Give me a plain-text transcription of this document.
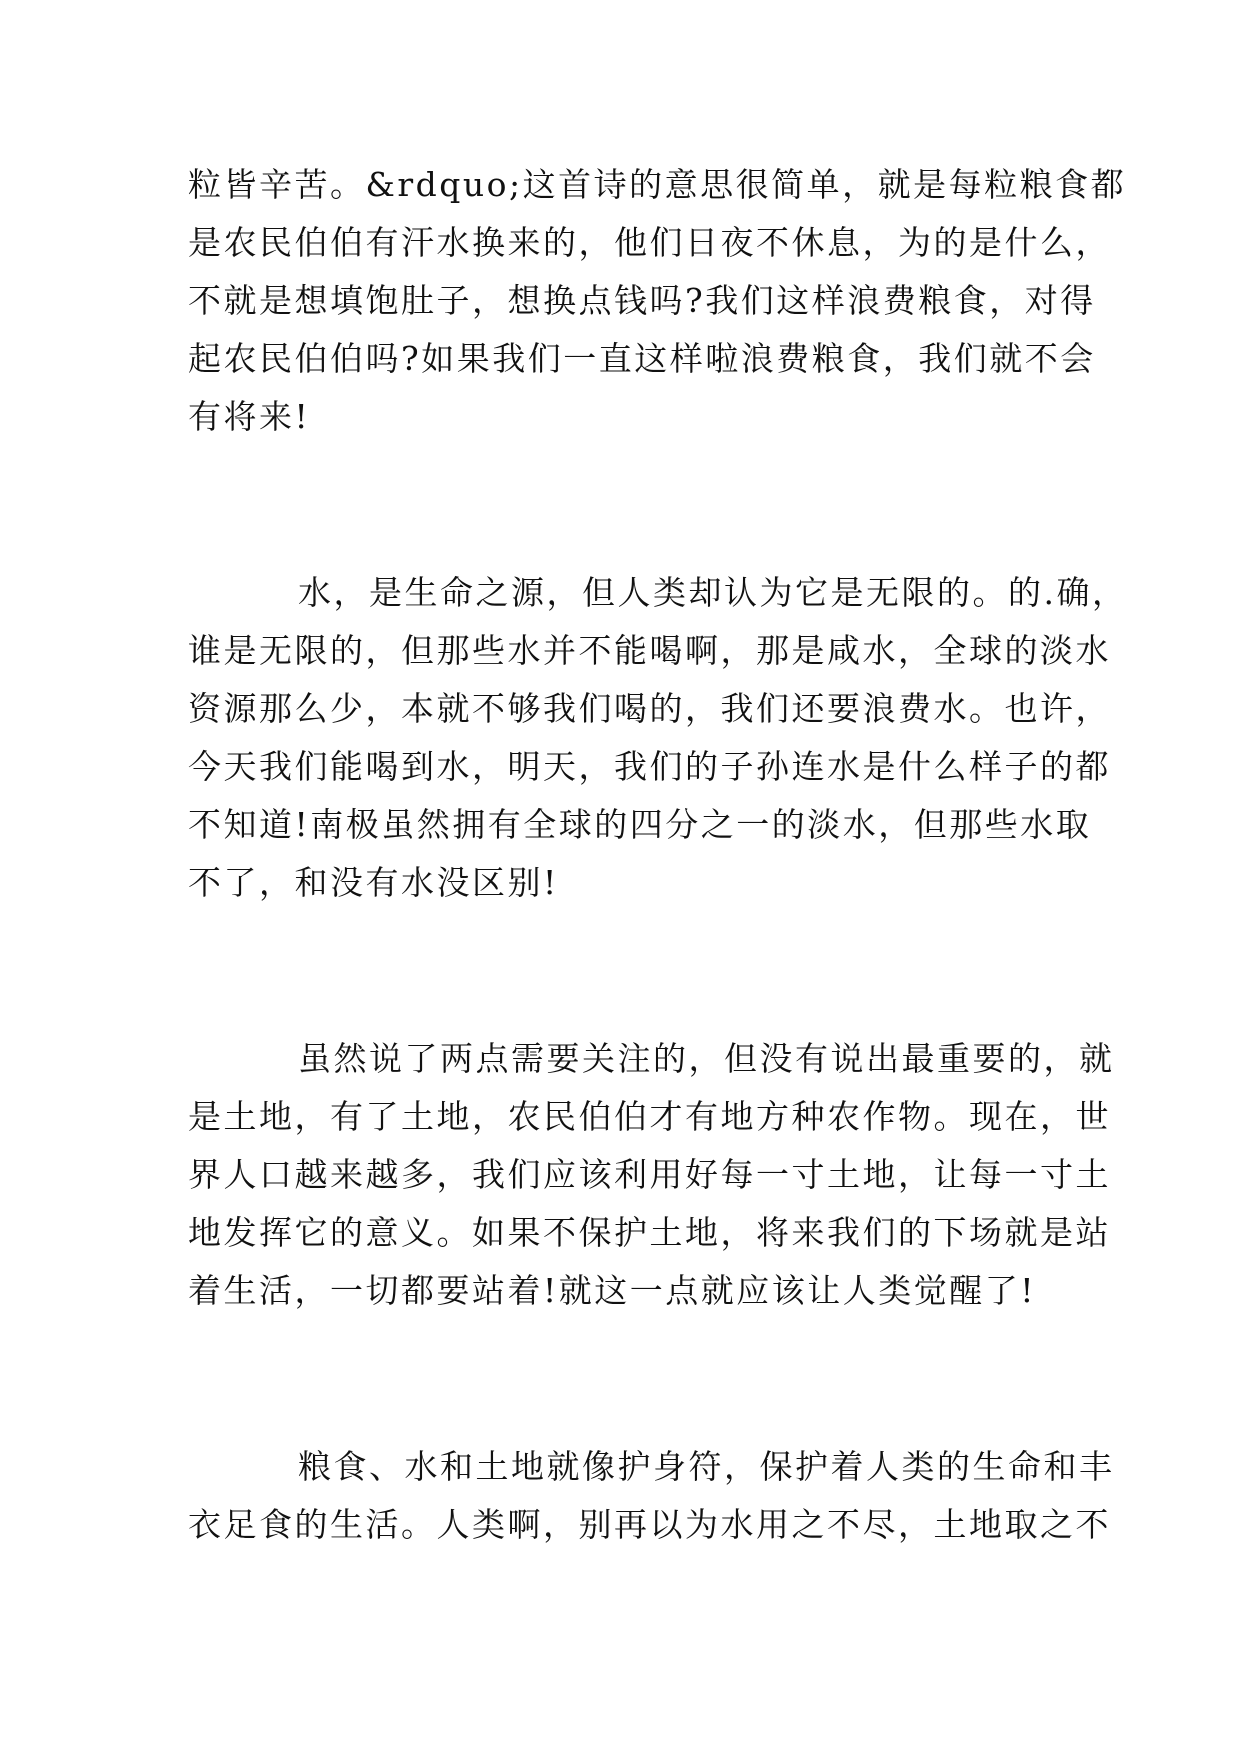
粒皆辛苦。&rdquo;这首诗的意思很简单，就是每粒粮食都
是农民伯伯有汗水换来的，他们日夜不休息，为的是什么，
不就是想填饱肚子，想换点钱吗?我们这样浪费粮食，对得
起农民伯伯吗?如果我们一直这样啦浪费粮食，我们就不会
有将来!
水，是生命之源，但人类却认为它是无限的。的.确，
谁是无限的，但那些水并不能喝啊，那是咸水，全球的淡水
资源那么少，本就不够我们喝的，我们还要浪费水。也许，
今天我们能喝到水，明天，我们的子孙连水是什么样子的都
不知道!南极虽然拥有全球的四分之一的淡水，但那些水取
不了，和没有水没区别!
虽然说了两点需要关注的，但没有说出最重要的，就
是土地，有了土地，农民伯伯才有地方种农作物。现在，世
界人口越来越多，我们应该利用好每一寸土地，让每一寸土
地发挥它的意义。如果不保护土地，将来我们的下场就是站
着生活，一切都要站着!就这一点就应该让人类觉醒了!
粮食、水和土地就像护身符，保护着人类的生命和丰
衣足食的生活。人类啊，别再以为水用之不尽，土地取之不
